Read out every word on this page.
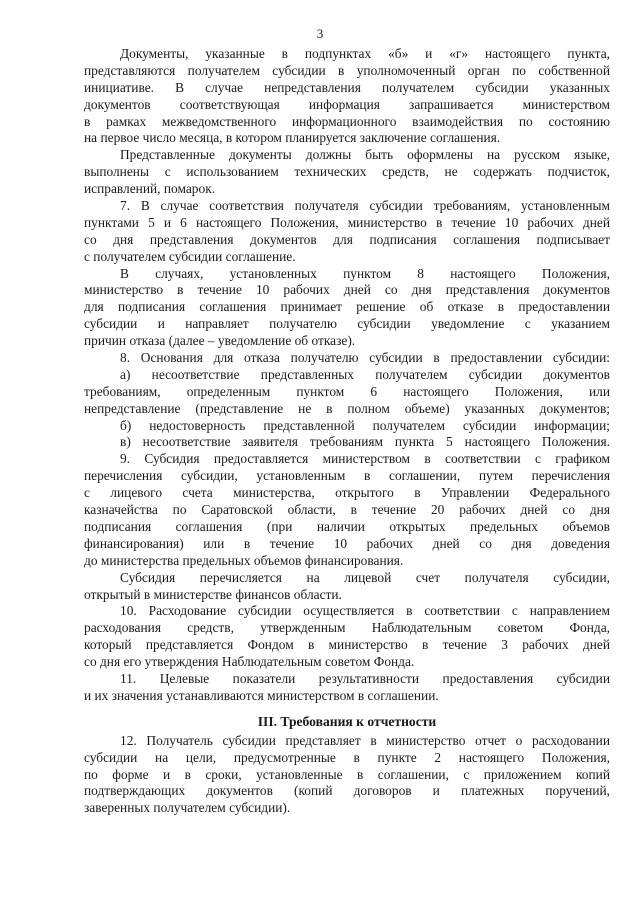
3
Документы, указанные в подпунктах «б» и «г» настоящего пункта,
представляются получателем субсидии в уполномоченный орган по собственной
инициативе. В случае непредставления получателем субсидии указанных
документов соответствующая информация запрашивается министерством
в рамках межведомственного информационного взаимодействия по состоянию
на первое число месяца, в котором планируется заключение соглашения.
Представленные документы должны быть оформлены на русском языке,
выполнены с использованием технических средств, не содержать подчисток,
исправлений, помарок.
7. В случае соответствия получателя субсидии требованиям, установленным
пунктами 5 и 6 настоящего Положения, министерство в течение 10 рабочих дней
со дня представления документов для подписания соглашения подписывает
с получателем субсидии соглашение.
В случаях, установленных пунктом 8 настоящего Положения,
министерство в течение 10 рабочих дней со дня представления документов
для подписания соглашения принимает решение об отказе в предоставлении
субсидии и направляет получателю субсидии уведомление с указанием
причин отказа (далее – уведомление об отказе).
8. Основания для отказа получателю субсидии в предоставлении субсидии:
а) несоответствие представленных получателем субсидии документов
требованиям, определенным пунктом 6 настоящего Положения, или
непредставление (представление не в полном объеме) указанных документов;
б) недостоверность представленной получателем субсидии информации;
в) несоответствие заявителя требованиям пункта 5 настоящего Положения.
9. Субсидия предоставляется министерством в соответствии с графиком
перечисления субсидии, установленным в соглашении, путем перечисления
с лицевого счета министерства, открытого в Управлении Федерального
казначейства по Саратовской области, в течение 20 рабочих дней со дня
подписания соглашения (при наличии открытых предельных объемов
финансирования) или в течение 10 рабочих дней со дня доведения
до министерства предельных объемов финансирования.
Субсидия перечисляется на лицевой счет получателя субсидии,
открытый в министерстве финансов области.
10. Расходование субсидии осуществляется в соответствии с направлением
расходования средств, утвержденным Наблюдательным советом Фонда,
который представляется Фондом в министерство в течение 3 рабочих дней
со дня его утверждения Наблюдательным советом Фонда.
11. Целевые показатели результативности предоставления субсидии
и их значения устанавливаются министерством в соглашении.
III. Требования к отчетности
12. Получатель субсидии представляет в министерство отчет о расходовании
субсидии на цели, предусмотренные в пункте 2 настоящего Положения,
по форме и в сроки, установленные в соглашении, с приложением копий
подтверждающих документов (копий договоров и платежных поручений,
заверенных получателем субсидии).
